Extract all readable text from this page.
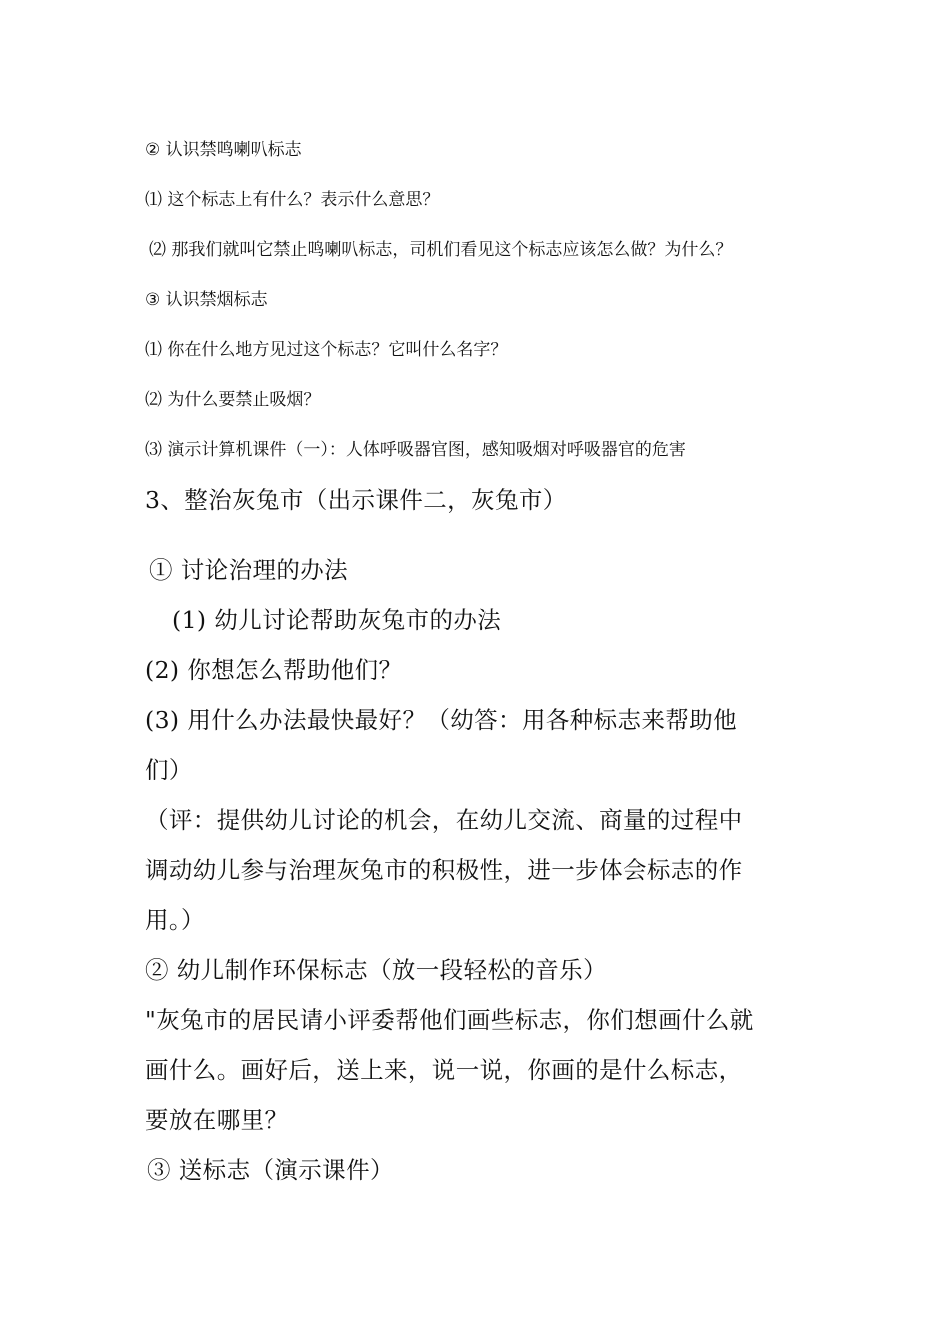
② 认识禁鸣喇叭标志

⑴ 这个标志上有什么？表示什么意思？

⑵ 那我们就叫它禁止鸣喇叭标志，司机们看见这个标志应该怎么做？为什么？

③ 认识禁烟标志

⑴ 你在什么地方见过这个标志？它叫什么名字？

⑵ 为什么要禁止吸烟？

⑶ 演示计算机课件（一）：人体呼吸器官图，感知吸烟对呼吸器官的危害

3、整治灰兔市（出示课件二，灰兔市）

① 讨论治理的办法

(1) 幼儿讨论帮助灰兔市的办法

(2) 你想怎么帮助他们？

(3) 用什么办法最快最好？（幼答：用各种标志来帮助他

们）

（评：提供幼儿讨论的机会，在幼儿交流、商量的过程中

调动幼儿参与治理灰兔市的积极性，进一步体会标志的作

用。）

② 幼儿制作环保标志（放一段轻松的音乐）

"灰兔市的居民请小评委帮他们画些标志，你们想画什么就

画什么。画好后，送上来，说一说，你画的是什么标志，

要放在哪里？

③ 送标志（演示课件）
